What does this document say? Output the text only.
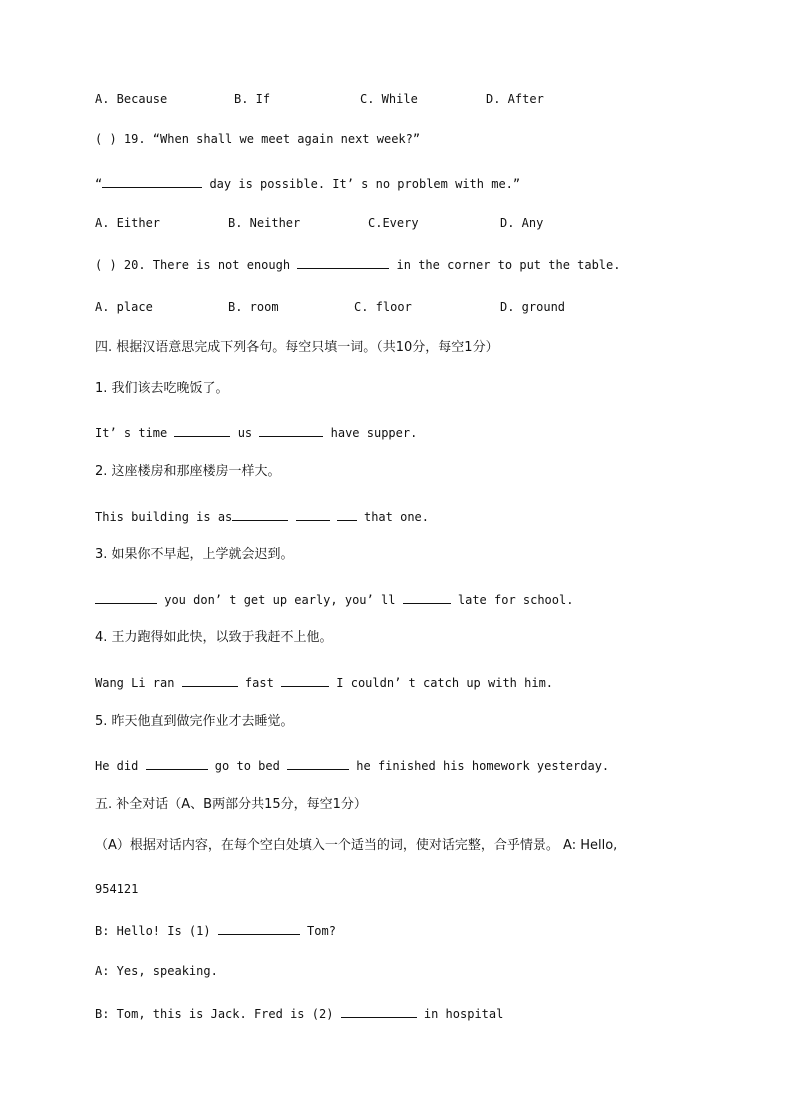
A. Because	B. If	C. While	D. After
( ) 19. “When shall we meet again next week?”
“	day is possible. It’ s no problem with me.”
A. Either	B. Neither	C.Every	D. Any
( ) 20. There is not enough	in the corner to put the table.
A. place	B. room	C. floor	D. ground
四. 根据汉语意思完成下列各句。每空只填一词。（共10分，每空1分）
1. 我们该去吃晚饭了。
It’ s time	us	have supper.
2. 这座楼房和那座楼房一样大。
This building is as	that one.
3. 如果你不早起，上学就会迟到。
you don’ t get up early, you’ ll	late for school.
4. 王力跑得如此快，以致于我赶不上他。
Wang Li ran	fast	I couldn’ t catch up with him.
5. 昨天他直到做完作业才去睡觉。
He did	go to bed	he finished his homework yesterday.
五. 补全对话（A、B两部分共15分，每空1分）
（A）根据对话内容，在每个空白处填入一个适当的词，使对话完整，合乎情景。 A: Hello,
954121
B: Hello! Is (1)	Tom?
A: Yes, speaking.
B: Tom, this is Jack. Fred is (2)	in hospital
